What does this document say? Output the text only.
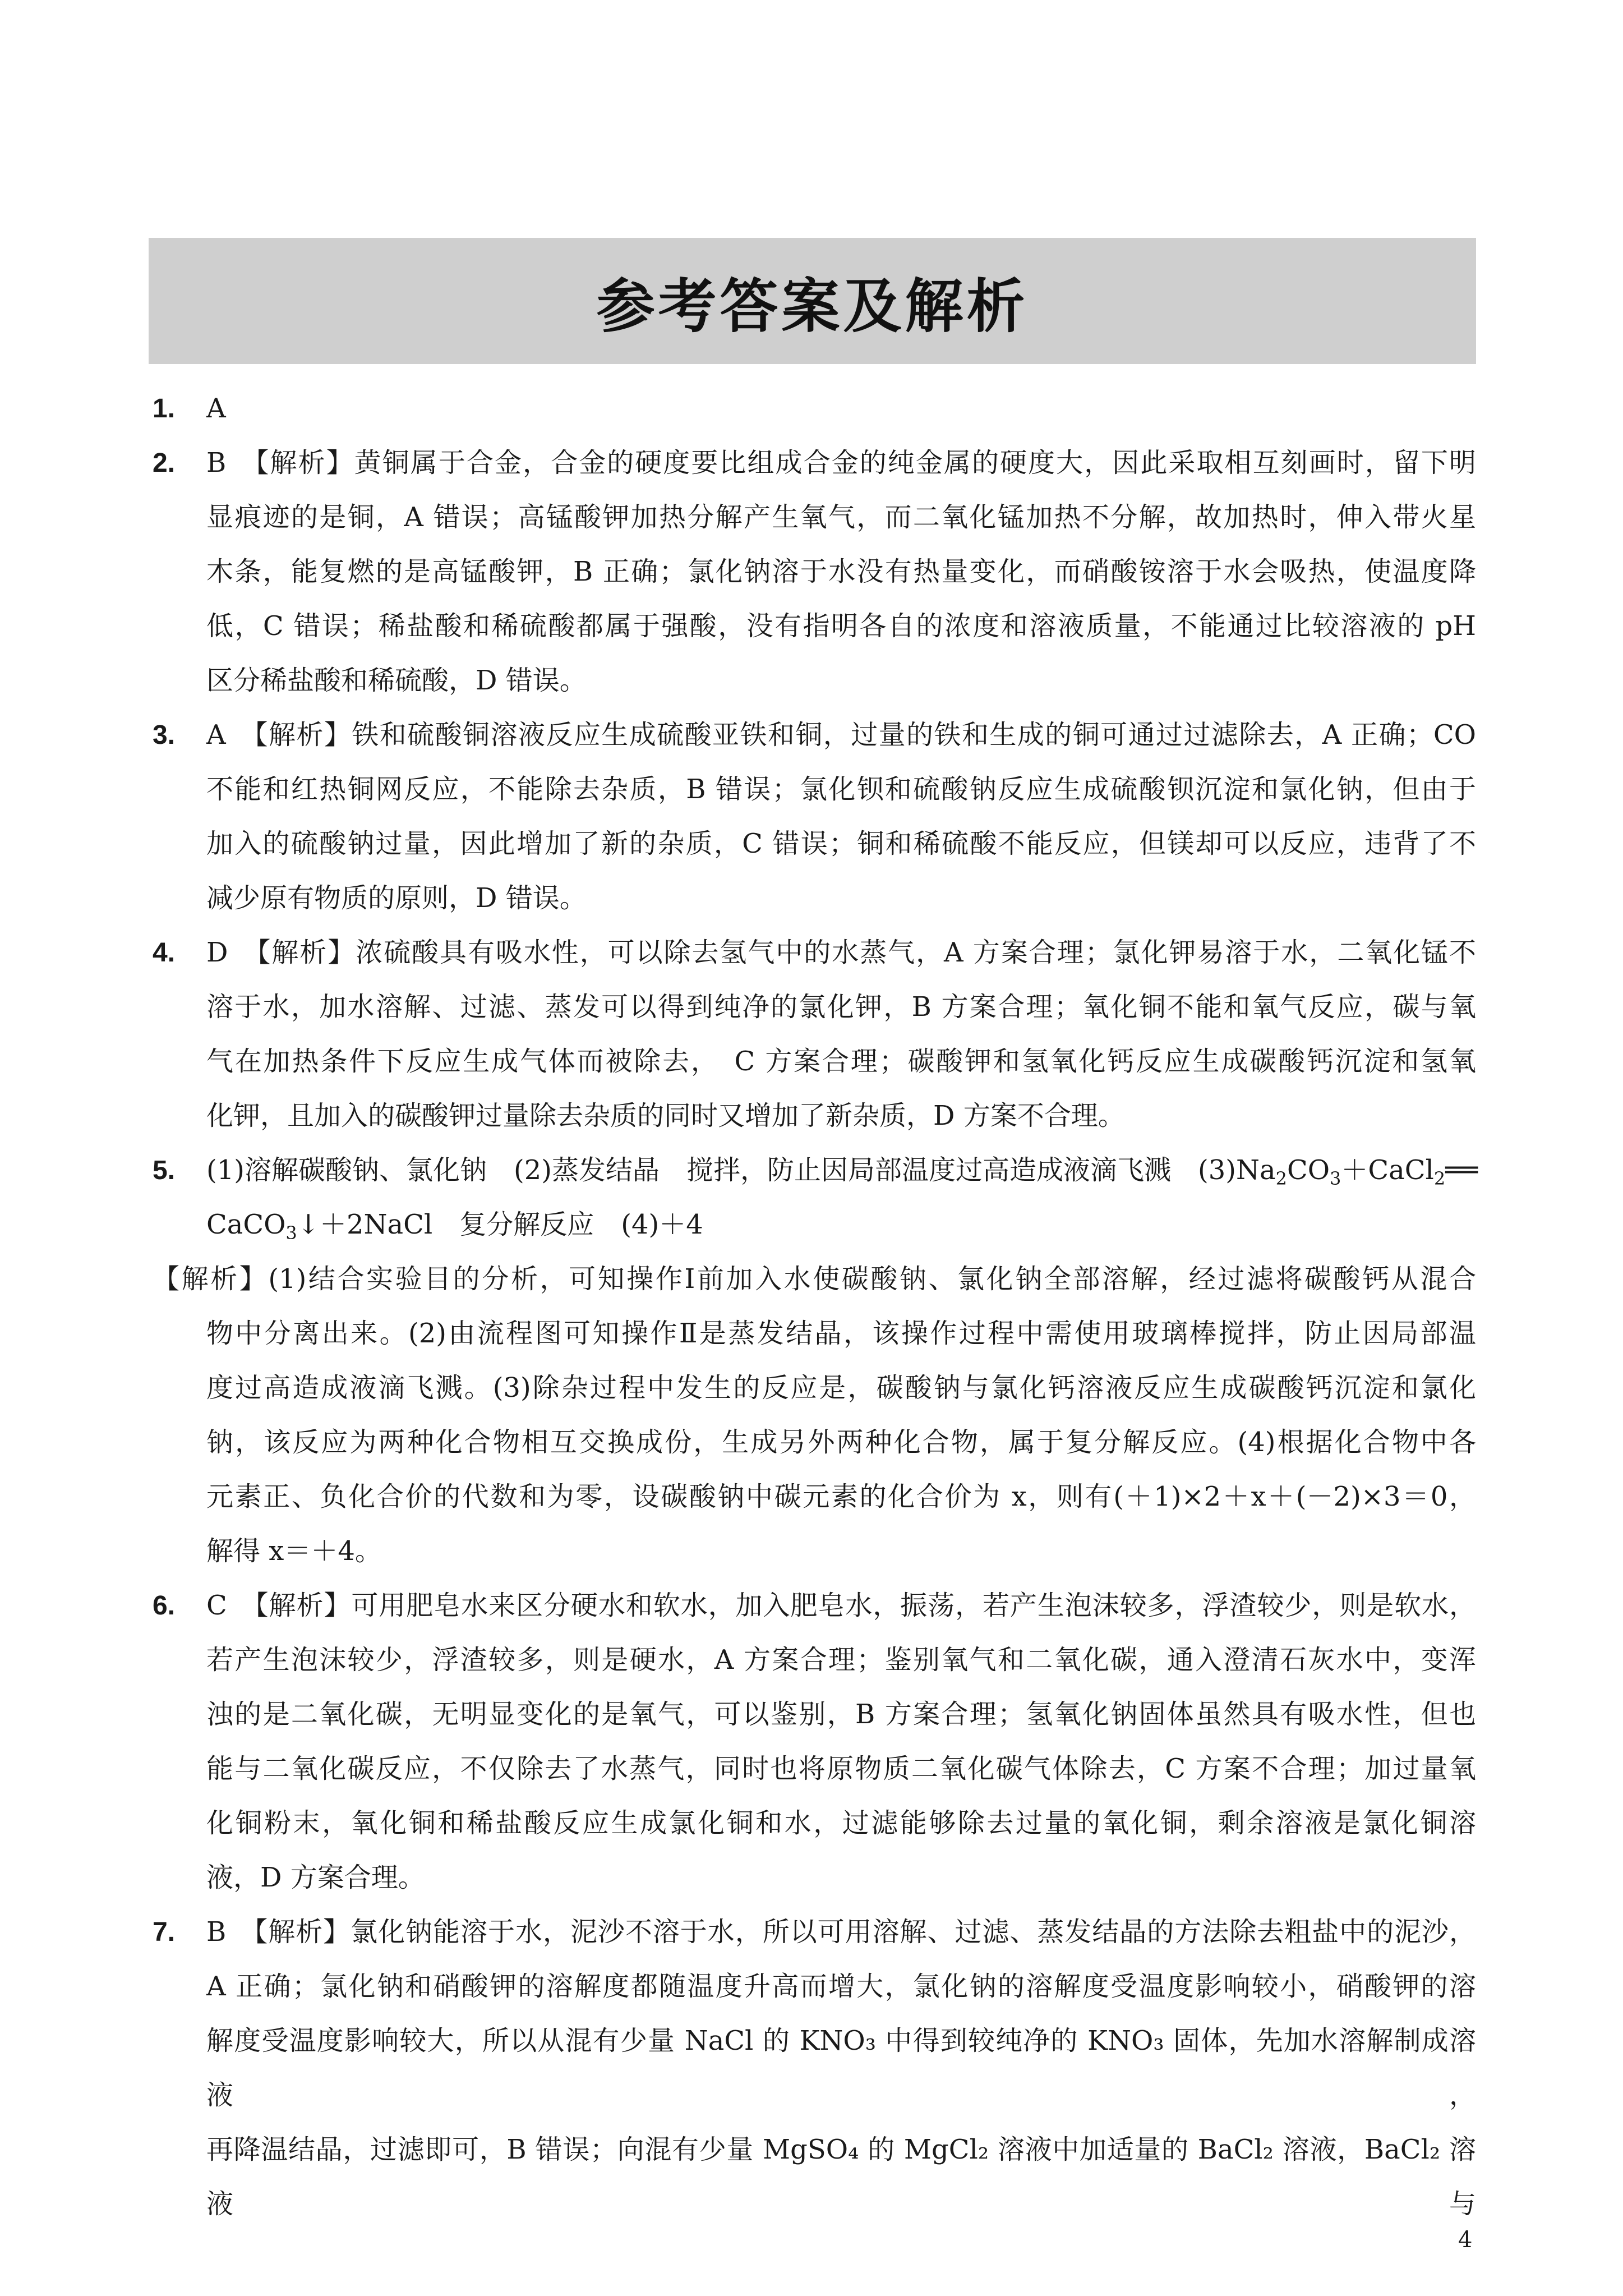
参考答案及解析
1. A
2. B　【解析】黄铜属于合金，合金的硬度要比组成合金的纯金属的硬度大，因此采取相互刻画时，留下明
显痕迹的是铜，A 错误；高锰酸钾加热分解产生氧气，而二氧化锰加热不分解，故加热时，伸入带火星
木条，能复燃的是高锰酸钾，B 正确；氯化钠溶于水没有热量变化，而硝酸铵溶于水会吸热，使温度降
低，C 错误；稀盐酸和稀硫酸都属于强酸，没有指明各自的浓度和溶液质量，不能通过比较溶液的 pH
区分稀盐酸和稀硫酸，D 错误。
3. A　【解析】铁和硫酸铜溶液反应生成硫酸亚铁和铜，过量的铁和生成的铜可通过过滤除去，A 正确；CO
不能和红热铜网反应，不能除去杂质，B 错误；氯化钡和硫酸钠反应生成硫酸钡沉淀和氯化钠，但由于
加入的硫酸钠过量，因此增加了新的杂质，C 错误；铜和稀硫酸不能反应，但镁却可以反应，违背了不
减少原有物质的原则，D 错误。
4. D　【解析】浓硫酸具有吸水性，可以除去氢气中的水蒸气，A 方案合理；氯化钾易溶于水，二氧化锰不
溶于水，加水溶解、过滤、蒸发可以得到纯净的氯化钾，B 方案合理；氧化铜不能和氧气反应，碳与氧
气在加热条件下反应生成气体而被除去，　C 方案合理；碳酸钾和氢氧化钙反应生成碳酸钙沉淀和氢氧
化钾，且加入的碳酸钾过量除去杂质的同时又增加了新杂质，D 方案不合理。
5. (1)溶解碳酸钠、氯化钠　(2)蒸发结晶　搅拌，防止因局部温度过高造成液滴飞溅　$(3)Na_2CO_3+CaCl_2══$
CaCO$_3$↓＋2NaCl　复分解反应　(4)＋4
【解析】(1)结合实验目的分析，可知操作Ⅰ前加入水使碳酸钠、氯化钠全部溶解，经过滤将碳酸钙从混合
物中分离出来。(2)由流程图可知操作Ⅱ是蒸发结晶，该操作过程中需使用玻璃棒搅拌，防止因局部温
度过高造成液滴飞溅。(3)除杂过程中发生的反应是，碳酸钠与氯化钙溶液反应生成碳酸钙沉淀和氯化
钠，该反应为两种化合物相互交换成份，生成另外两种化合物，属于复分解反应。(4)根据化合物中各
元素正、负化合价的代数和为零，设碳酸钠中碳元素的化合价为 x，则有(＋1)×2＋x＋(－2)×3＝0，
解得 x＝＋4。
6. C　【解析】可用肥皂水来区分硬水和软水，加入肥皂水，振荡，若产生泡沫较多，浮渣较少，则是软水，
若产生泡沫较少，浮渣较多，则是硬水，A 方案合理；鉴别氧气和二氧化碳，通入澄清石灰水中，变浑
浊的是二氧化碳，无明显变化的是氧气，可以鉴别，B 方案合理；氢氧化钠固体虽然具有吸水性，但也
能与二氧化碳反应，不仅除去了水蒸气，同时也将原物质二氧化碳气体除去，C 方案不合理；加过量氧
化铜粉末，氧化铜和稀盐酸反应生成氯化铜和水，过滤能够除去过量的氧化铜，剩余溶液是氯化铜溶
液，D 方案合理。
7. B　【解析】氯化钠能溶于水，泥沙不溶于水，所以可用溶解、过滤、蒸发结晶的方法除去粗盐中的泥沙，
A 正确；氯化钠和硝酸钾的溶解度都随温度升高而增大，氯化钠的溶解度受温度影响较小，硝酸钾的溶
解度受温度影响较大，所以从混有少量 NaCl 的 KNO₃ 中得到较纯净的 KNO₃ 固体，先加水溶解制成溶液，
再降温结晶，过滤即可，B 错误；向混有少量 MgSO₄ 的 MgCl₂ 溶液中加适量的 BaCl₂ 溶液，BaCl₂ 溶液与
4
